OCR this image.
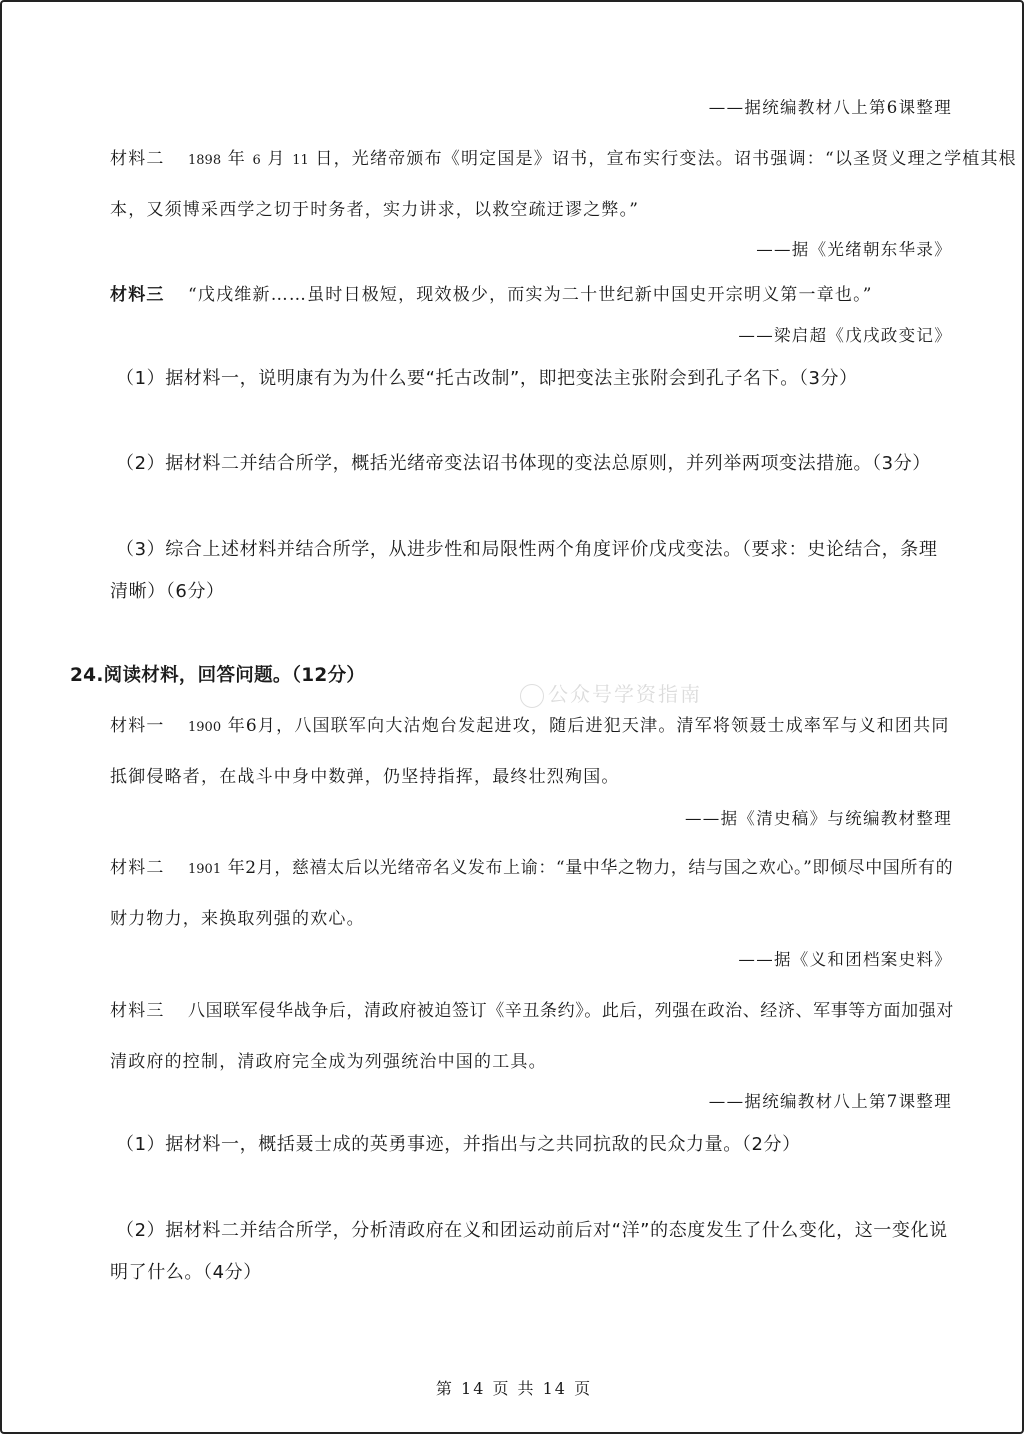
——据统编教材八上第6课整理
材料二 1898 年 6 月 11 日，光绪帝颁布《明定国是》诏书，宣布实行变法。诏书强调：“以圣贤义理之学植其根
本，又须博采西学之切于时务者，实力讲求，以救空疏迂谬之弊。”
——据《光绪朝东华录》
材料三 “戊戌维新……虽时日极短，现效极少，而实为二十世纪新中国史开宗明义第一章也。”
——梁启超《戊戌政变记》
（1）据材料一，说明康有为为什么要“托古改制”，即把变法主张附会到孔子名下。（3分）
（2）据材料二并结合所学，概括光绪帝变法诏书体现的变法总原则，并列举两项变法措施。（3分）
（3）综合上述材料并结合所学，从进步性和局限性两个角度评价戊戌变法。（要求：史论结合，条理
清晰）（6分）
24.阅读材料，回答问题。（12分）
公众号学资指南
材料一 1900 年6月，八国联军向大沽炮台发起进攻，随后进犯天津。清军将领聂士成率军与义和团共同
抵御侵略者，在战斗中身中数弹，仍坚持指挥，最终壮烈殉国。
——据《清史稿》与统编教材整理
材料二 1901 年2月，慈禧太后以光绪帝名义发布上谕：“量中华之物力，结与国之欢心。”即倾尽中国所有的
财力物力，来换取列强的欢心。
——据《义和团档案史料》
材料三 八国联军侵华战争后，清政府被迫签订《辛丑条约》。此后，列强在政治、经济、军事等方面加强对
清政府的控制，清政府完全成为列强统治中国的工具。
——据统编教材八上第7课整理
（1）据材料一，概括聂士成的英勇事迹，并指出与之共同抗敌的民众力量。（2分）
（2）据材料二并结合所学，分析清政府在义和团运动前后对“洋”的态度发生了什么变化，这一变化说
明了什么。（4分）
第 14 页 共 14 页
